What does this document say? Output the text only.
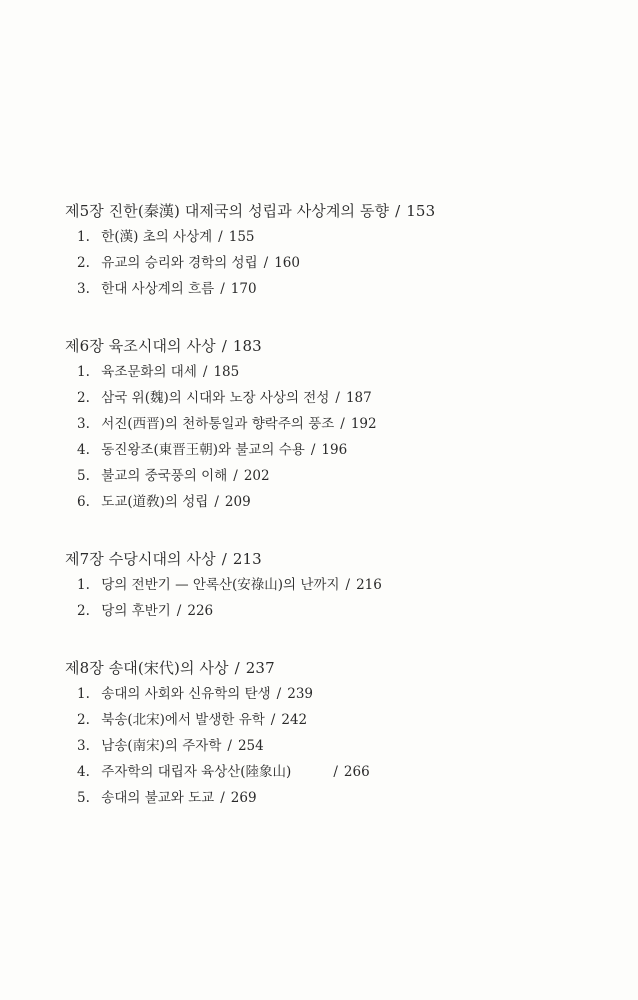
제5장 진한(秦漢) 대제국의 성립과 사상계의 동향 / 153
1. 한(漢) 초의 사상계 / 155
2. 유교의 승리와 경학의 성립 / 160
3. 한대 사상계의 흐름 / 170
제6장 육조시대의 사상 / 183
1. 육조문화의 대세 / 185
2. 삼국 위(魏)의 시대와 노장 사상의 전성 / 187
3. 서진(西晋)의 천하통일과 향락주의 풍조 / 192
4. 동진왕조(東晋王朝)와 불교의 수용 / 196
5. 불교의 중국풍의 이해 / 202
6. 도교(道敎)의 성립 / 209
제7장 수당시대의 사상 / 213
1. 당의 전반기 — 안록산(安祿山)의 난까지 / 216
2. 당의 후반기 / 226
제8장 송대(宋代)의 사상 / 237
1. 송대의 사회와 신유학의 탄생 / 239
2. 북송(北宋)에서 발생한 유학 / 242
3. 남송(南宋)의 주자학 / 254
4. 주자학의 대립자 육상산(陸象山)	/ 266
5. 송대의 불교와 도교 / 269
